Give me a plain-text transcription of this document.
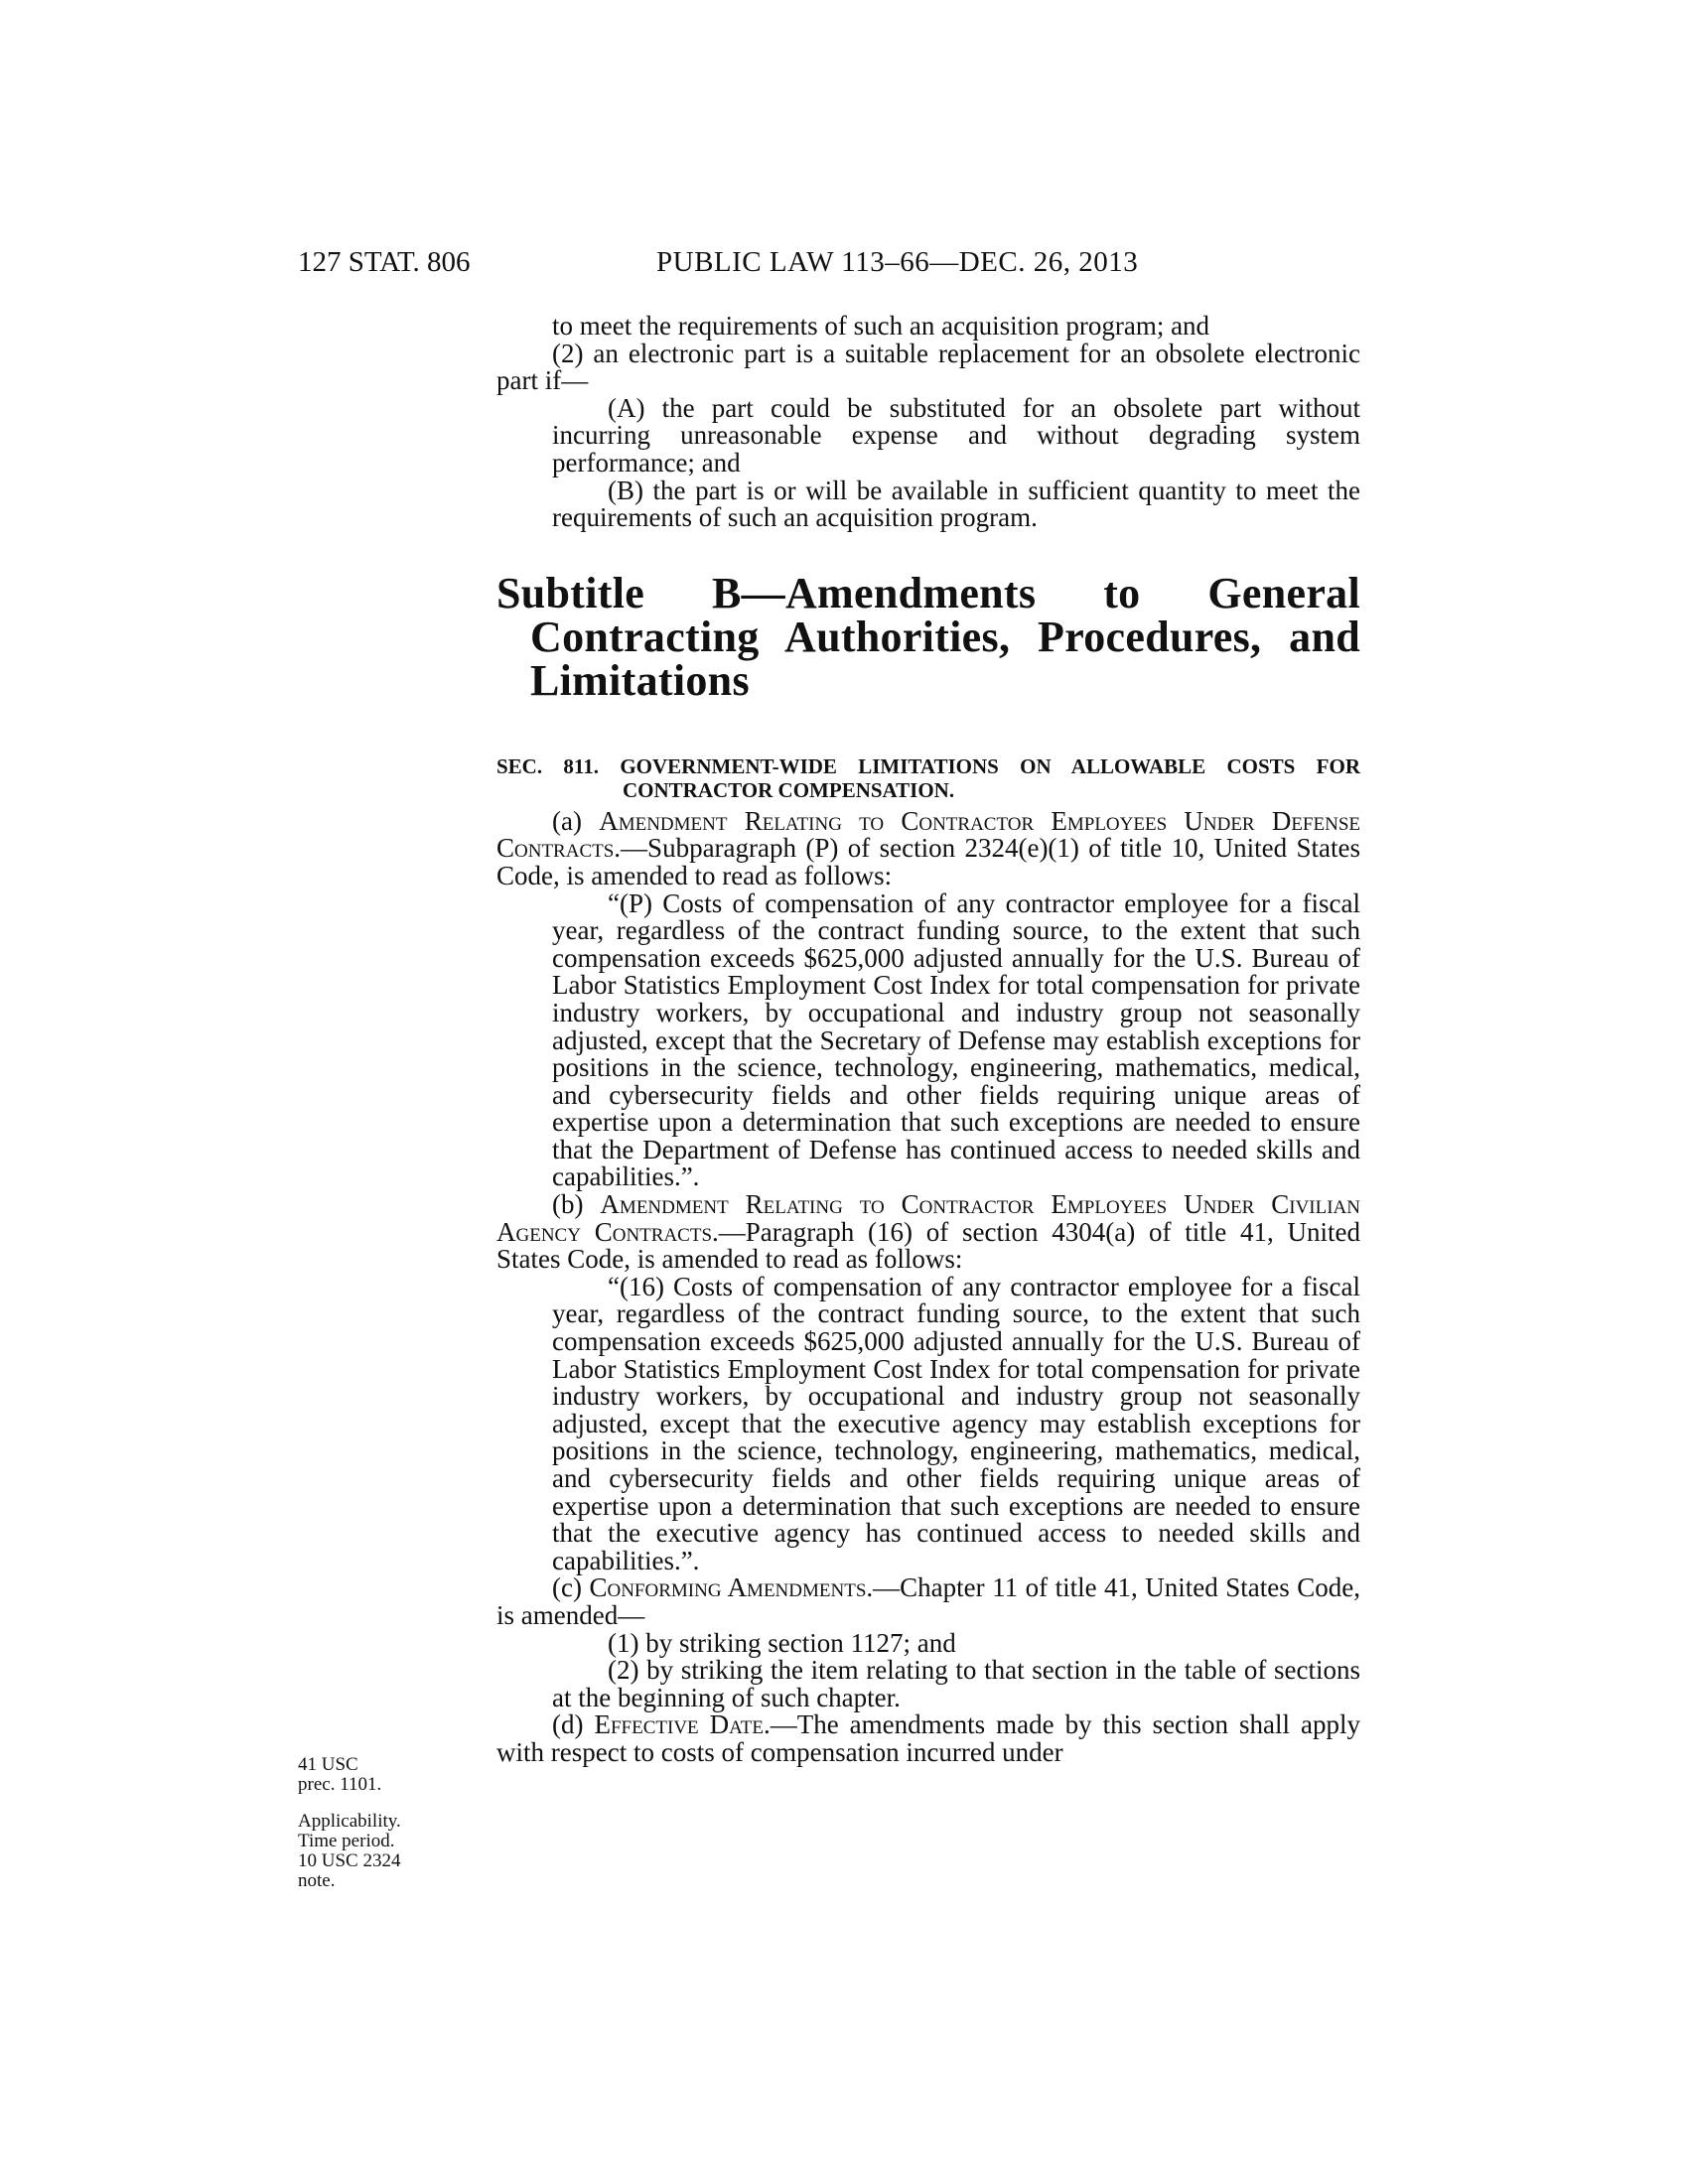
127 STAT. 806	PUBLIC LAW 113–66—DEC. 26, 2013

to meet the requirements of such an acquisition program; and

(2) an electronic part is a suitable replacement for an obsolete electronic part if—

(A) the part could be substituted for an obsolete part without incurring unreasonable expense and without degrading system performance; and

(B) the part is or will be available in sufficient quantity to meet the requirements of such an acquisition program.

Subtitle B—Amendments to General Contracting Authorities, Procedures, and Limitations
SEC. 811. GOVERNMENT-WIDE LIMITATIONS ON ALLOWABLE COSTS FOR CONTRACTOR COMPENSATION.

(a) Amendment Relating to Contractor Employees Under Defense Contracts.—Subparagraph (P) of section 2324(e)(1) of title 10, United States Code, is amended to read as follows:

“(P) Costs of compensation of any contractor employee for a fiscal year, regardless of the contract funding source, to the extent that such compensation exceeds $625,000 adjusted annually for the U.S. Bureau of Labor Statistics Employment Cost Index for total compensation for private industry workers, by occupational and industry group not seasonally adjusted, except that the Secretary of Defense may establish exceptions for positions in the science, technology, engineering, mathematics, medical, and cybersecurity fields and other fields requiring unique areas of expertise upon a determination that such exceptions are needed to ensure that the Department of Defense has continued access to needed skills and capabilities.”.

(b) Amendment Relating to Contractor Employees Under Civilian Agency Contracts.—Paragraph (16) of section 4304(a) of title 41, United States Code, is amended to read as follows:

“(16) Costs of compensation of any contractor employee for a fiscal year, regardless of the contract funding source, to the extent that such compensation exceeds $625,000 adjusted annually for the U.S. Bureau of Labor Statistics Employment Cost Index for total compensation for private industry workers, by occupational and industry group not seasonally adjusted, except that the executive agency may establish exceptions for positions in the science, technology, engineering, mathematics, medical, and cybersecurity fields and other fields requiring unique areas of expertise upon a determination that such exceptions are needed to ensure that the executive agency has continued access to needed skills and capabilities.”.

(c) Conforming Amendments.—Chapter 11 of title 41, United States Code, is amended—

(1) by striking section 1127; and

(2) by striking the item relating to that section in the table of sections at the beginning of such chapter.

(d) Effective Date.—The amendments made by this section shall apply with respect to costs of compensation incurred under

41 USC
prec. 1101.
Applicability.
Time period.
10 USC 2324
note.
